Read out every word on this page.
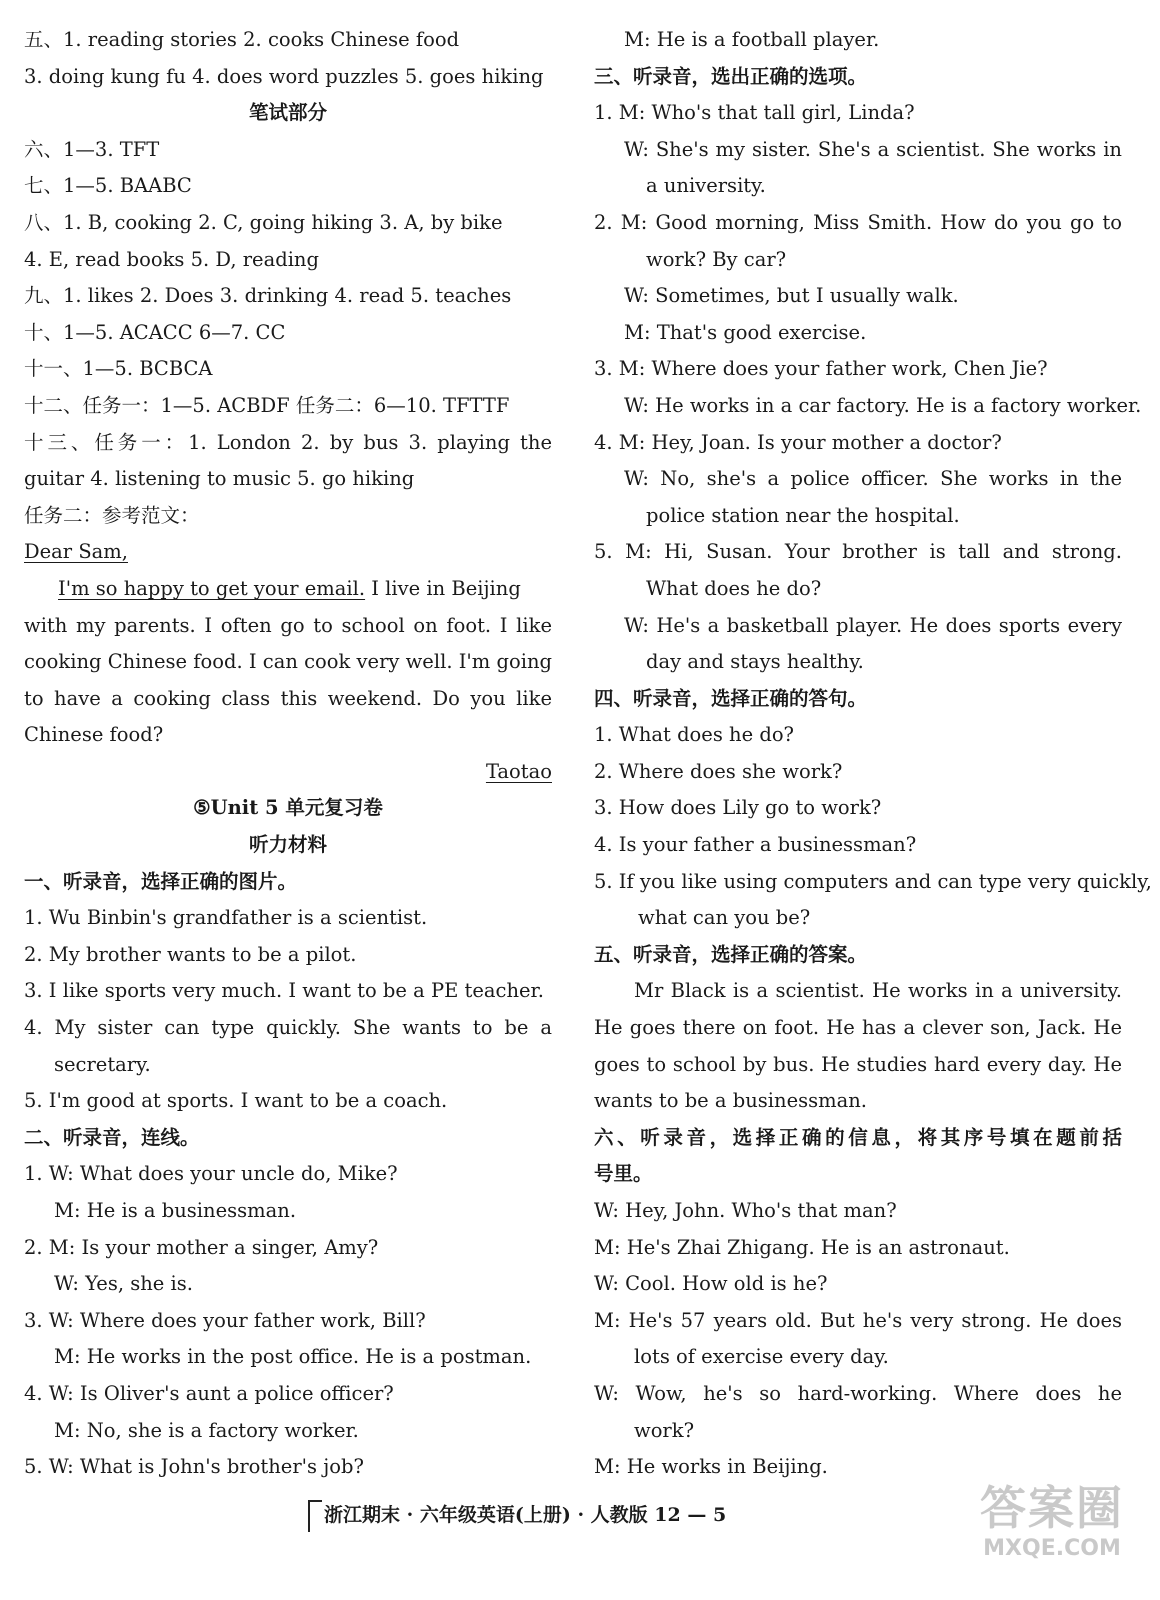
五、1. reading stories 2. cooks Chinese food
3. doing kung fu 4. does word puzzles 5. goes hiking
笔试部分
六、1—3. TFT
七、1—5. BAABC
八、1. B, cooking 2. C, going hiking 3. A, by bike
4. E, read books 5. D, reading
九、1. likes 2. Does 3. drinking 4. read 5. teaches
十、1—5. ACACC 6—7. CC
十一、1—5. BCBCA
十二、任务一：1—5. ACBDF 任务二：6—10. TFTTF
十三、任务一：1. London 2. by bus 3. playing the
guitar 4. listening to music 5. go hiking
任务二：参考范文：
Dear Sam,
I'm so happy to get your email. I live in Beijing
with my parents. I often go to school on foot. I like
cooking Chinese food. I can cook very well. I'm going
to have a cooking class this weekend. Do you like
Chinese food?
Taotao
⑤Unit 5 单元复习卷
听力材料
一、听录音，选择正确的图片。
1. Wu Binbin's grandfather is a scientist.
2. My brother wants to be a pilot.
3. I like sports very much. I want to be a PE teacher.
4. My sister can type quickly. She wants to be a
secretary.
5. I'm good at sports. I want to be a coach.
二、听录音，连线。
1. W: What does your uncle do, Mike?
M: He is a businessman.
2. M: Is your mother a singer, Amy?
W: Yes, she is.
3. W: Where does your father work, Bill?
M: He works in the post office. He is a postman.
4. W: Is Oliver's aunt a police officer?
M: No, she is a factory worker.
5. W: What is John's brother's job?
M: He is a football player.
三、听录音，选出正确的选项。
1. M: Who's that tall girl, Linda?
W: She's my sister. She's a scientist. She works in
a university.
2. M: Good morning, Miss Smith. How do you go to
work? By car?
W: Sometimes, but I usually walk.
M: That's good exercise.
3. M: Where does your father work, Chen Jie?
W: He works in a car factory. He is a factory worker.
4. M: Hey, Joan. Is your mother a doctor?
W: No, she's a police officer. She works in the
police station near the hospital.
5. M: Hi, Susan. Your brother is tall and strong.
What does he do?
W: He's a basketball player. He does sports every
day and stays healthy.
四、听录音，选择正确的答句。
1. What does he do?
2. Where does she work?
3. How does Lily go to work?
4. Is your father a businessman?
5. If you like using computers and can type very quickly,
what can you be?
五、听录音，选择正确的答案。
Mr Black is a scientist. He works in a university.
He goes there on foot. He has a clever son, Jack. He
goes to school by bus. He studies hard every day. He
wants to be a businessman.
六、听录音，选择正确的信息，将其序号填在题前括
号里。
W: Hey, John. Who's that man?
M: He's Zhai Zhigang. He is an astronaut.
W: Cool. How old is he?
M: He's 57 years old. But he's very strong. He does
lots of exercise every day.
W: Wow, he's so hard-working. Where does he
work?
M: He works in Beijing.
浙江期末 · 六年级英语(上册) · 人教版 12 — 5	答案圈
MXQE.COM
